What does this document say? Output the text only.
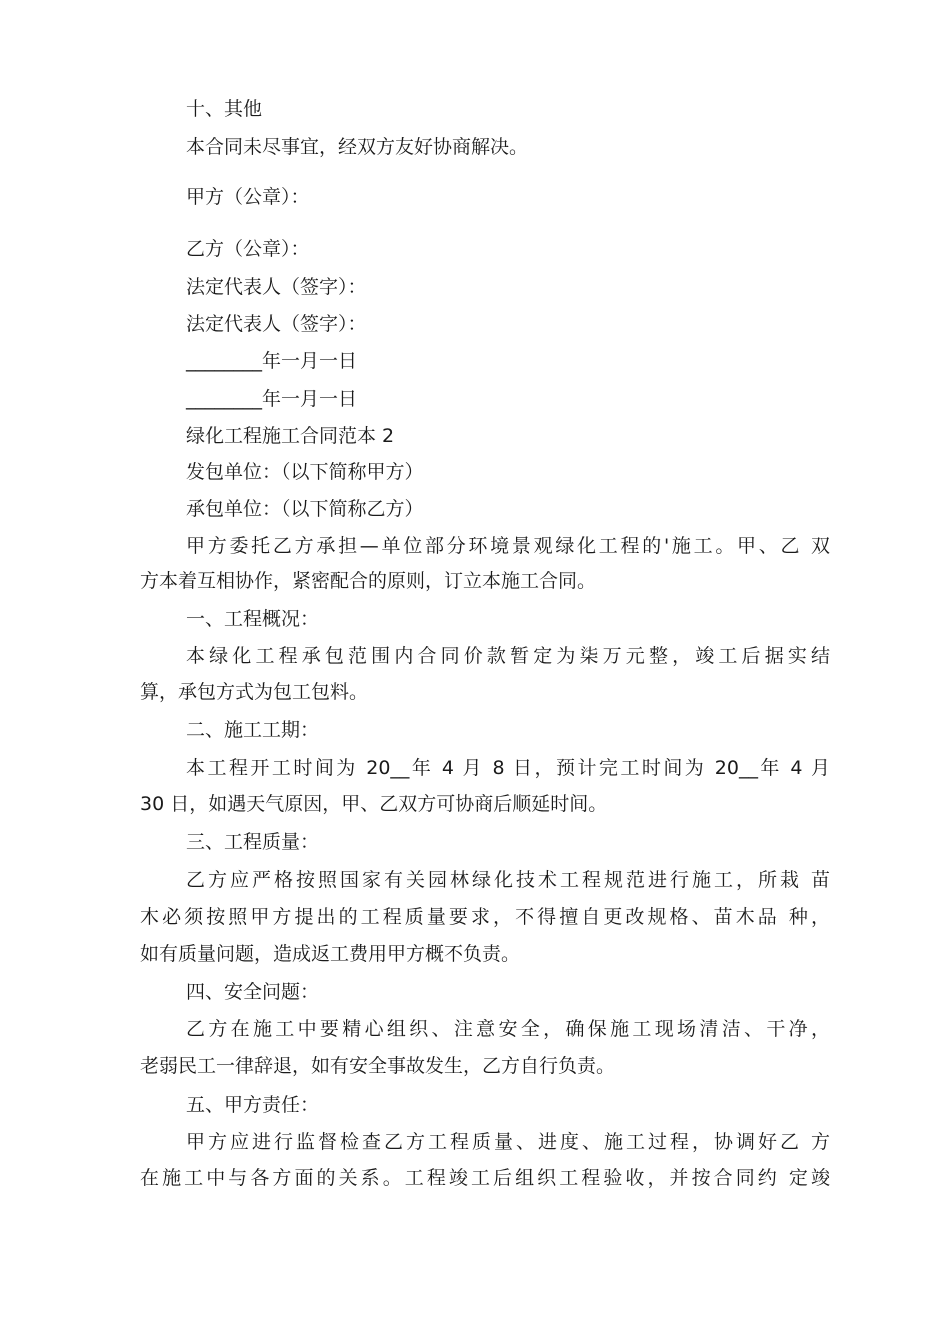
十、其他
本合同未尽事宜，经双方友好协商解决。
甲方（公章）：
乙方（公章）：
法定代表人（签字）：
法定代表人（签字）：
________年一月一日
________年一月一日
绿化工程施工合同范本 2
发包单位：（以下简称甲方）
承包单位：（以下简称乙方）
甲方委托乙方承担—单位部分环境景观绿化工程的'施工。甲、乙 双
方本着互相协作，紧密配合的原则，订立本施工合同。
一、工程概况：
本绿化工程承包范围内合同价款暂定为柒万元整，竣工后据实结
算，承包方式为包工包料。
二、施工工期：
本工程开工时间为 20__年 4 月 8 日，预计完工时间为 20__年 4 月
30 日，如遇天气原因，甲、乙双方可协商后顺延时间。
三、工程质量：
乙方应严格按照国家有关园林绿化技术工程规范进行施工，所栽 苗
木必须按照甲方提出的工程质量要求，不得擅自更改规格、苗木品 种，
如有质量问题，造成返工费用甲方概不负责。
四、安全问题：
乙方在施工中要精心组织、注意安全，确保施工现场清洁、干净，
老弱民工一律辞退，如有安全事故发生，乙方自行负责。
五、甲方责任：
甲方应进行监督检查乙方工程质量、进度、施工过程，协调好乙 方
在施工中与各方面的关系。工程竣工后组织工程验收，并按合同约 定竣
